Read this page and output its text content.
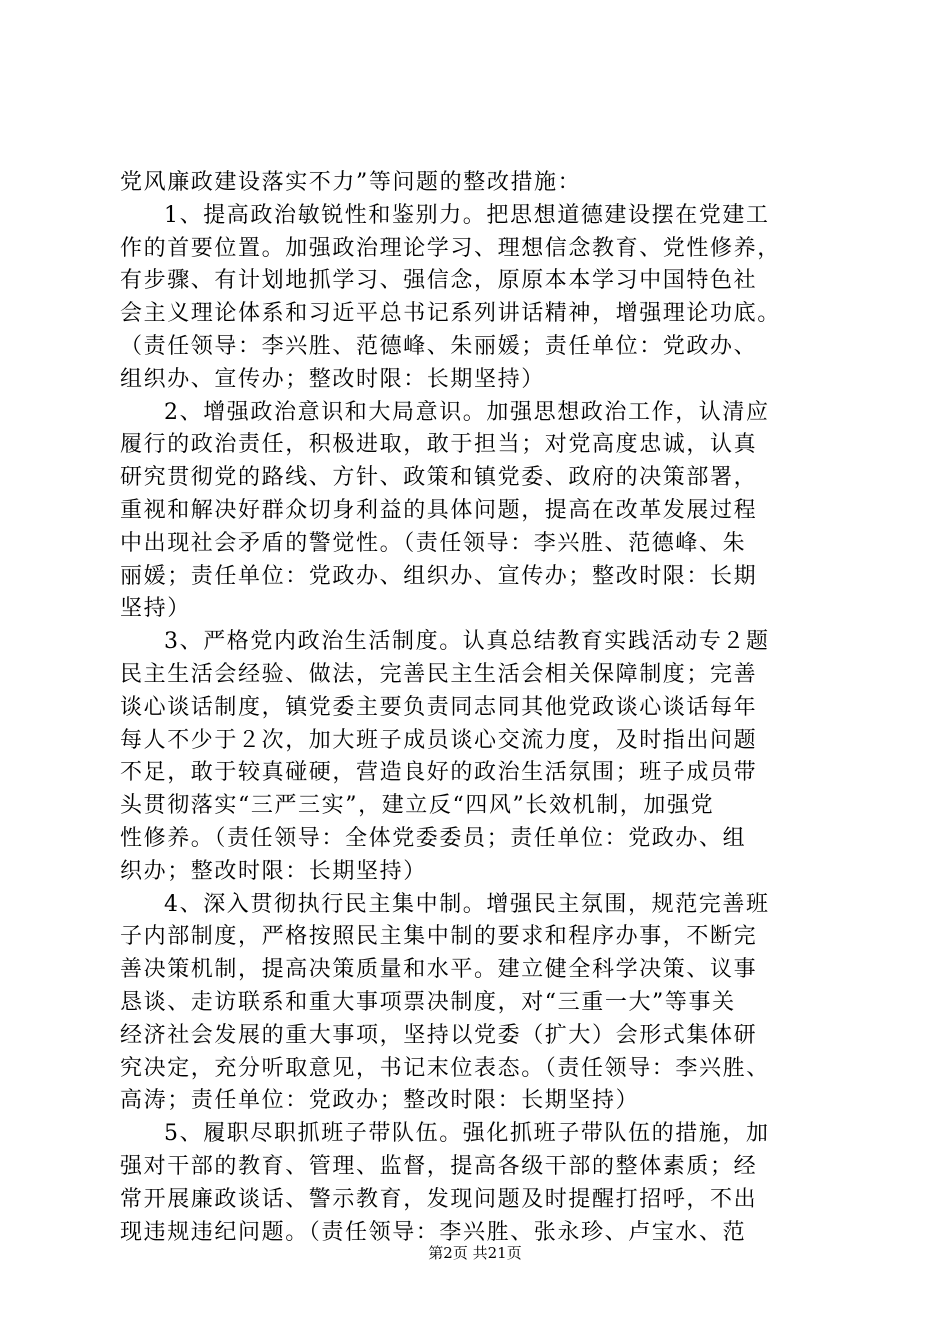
党风廉政建设落实不力”等问题的整改措施：
1、提高政治敏锐性和鉴别力。把思想道德建设摆在党建工
作的首要位置。加强政治理论学习、理想信念教育、党性修养，
有步骤、有计划地抓学习、强信念，原原本本学习中国特色社
会主义理论体系和习近平总书记系列讲话精神，增强理论功底。
（责任领导：李兴胜、范德峰、朱丽媛；责任单位：党政办、
组织办、宣传办；整改时限：长期坚持）
2、增强政治意识和大局意识。加强思想政治工作，认清应
履行的政治责任，积极进取，敢于担当；对党高度忠诚，认真
研究贯彻党的路线、方针、政策和镇党委、政府的决策部署，
重视和解决好群众切身利益的具体问题，提高在改革发展过程
中出现社会矛盾的警觉性。（责任领导：李兴胜、范德峰、朱
丽媛；责任单位：党政办、组织办、宣传办；整改时限：长期
坚持）
3、严格党内政治生活制度。认真总结教育实践活动专２题
民主生活会经验、做法，完善民主生活会相关保障制度；完善
谈心谈话制度，镇党委主要负责同志同其他党政谈心谈话每年
每人不少于２次，加大班子成员谈心交流力度，及时指出问题
不足，敢于较真碰硬，营造良好的政治生活氛围；班子成员带
头贯彻落实“三严三实”，建立反“四风”长效机制，加强党
性修养。（责任领导：全体党委委员；责任单位：党政办、组
织办；整改时限：长期坚持）
4、深入贯彻执行民主集中制。增强民主氛围，规范完善班
子内部制度，严格按照民主集中制的要求和程序办事，不断完
善决策机制，提高决策质量和水平。建立健全科学决策、议事
恳谈、走访联系和重大事项票决制度，对“三重一大”等事关
经济社会发展的重大事项，坚持以党委（扩大）会形式集体研
究决定，充分听取意见，书记末位表态。（责任领导：李兴胜、
高涛；责任单位：党政办；整改时限：长期坚持）
5、履职尽职抓班子带队伍。强化抓班子带队伍的措施，加
强对干部的教育、管理、监督，提高各级干部的整体素质；经
常开展廉政谈话、警示教育，发现问题及时提醒打招呼，不出
现违规违纪问题。（责任领导：李兴胜、张永珍、卢宝水、范
第2页 共21页
